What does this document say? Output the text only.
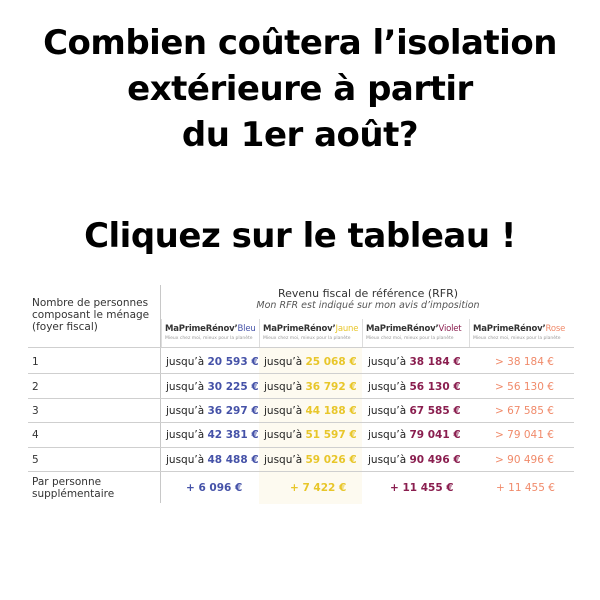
Combien coûtera l’isolation
extérieure à partir
du 1er août?
Cliquez sur le tableau !
Nombre de personnes composant le ménage (foyer fiscal)
Revenu fiscal de référence (RFR)
Mon RFR est indiqué sur mon avis d’imposition
MaPrimeRénov’Bleu
Mieux chez moi, mieux pour la planète
MaPrimeRénov’Jaune
Mieux chez moi, mieux pour la planète
MaPrimeRénov’Violet
Mieux chez moi, mieux pour la planète
MaPrimeRénov’Rose
Mieux chez moi, mieux pour la planète
1	jusqu’à 20 593 € jusqu’à 25 068 € jusqu’à 38 184 €	> 38 184 €
2	jusqu’à 30 225 € jusqu’à 36 792 € jusqu’à 56 130 €	> 56 130 €
3	jusqu’à 36 297 € jusqu’à 44 188 € jusqu’à 67 585 €	> 67 585 €
4	jusqu’à 42 381 € jusqu’à 51 597 € jusqu’à 79 041 €	> 79 041 €
5	jusqu’à 48 488 € jusqu’à 59 026 € jusqu’à 90 496 €	> 90 496 €
Par personne supplémentaire	+ 6 096 €	+ 7 422 €	+ 11 455 €	+ 11 455 €
